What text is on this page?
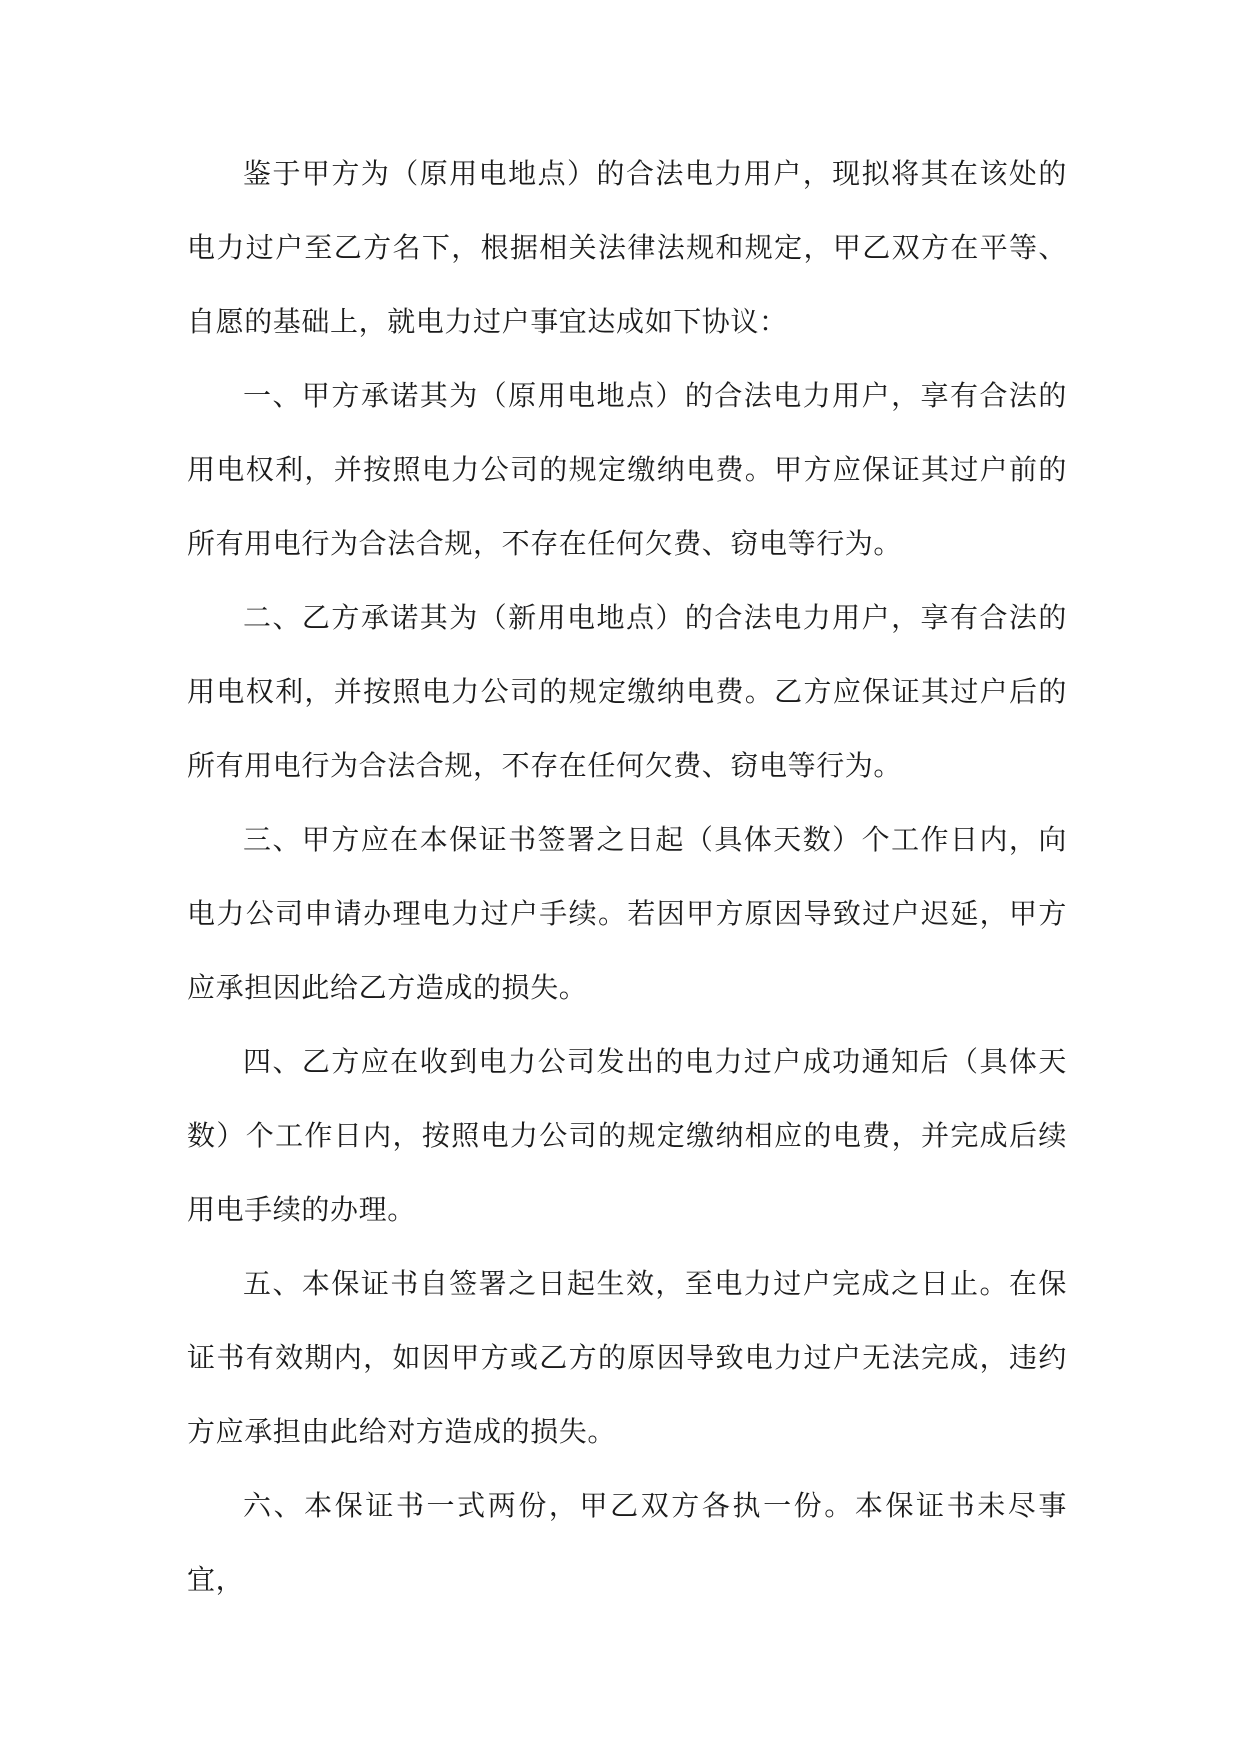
鉴于甲方为（原用电地点）的合法电力用户，现拟将其在该处的电力过户至乙方名下，根据相关法律法规和规定，甲乙双方在平等、自愿的基础上，就电力过户事宜达成如下协议：

一、甲方承诺其为（原用电地点）的合法电力用户，享有合法的用电权利，并按照电力公司的规定缴纳电费。甲方应保证其过户前的所有用电行为合法合规，不存在任何欠费、窃电等行为。

二、乙方承诺其为（新用电地点）的合法电力用户，享有合法的用电权利，并按照电力公司的规定缴纳电费。乙方应保证其过户后的所有用电行为合法合规，不存在任何欠费、窃电等行为。

三、甲方应在本保证书签署之日起（具体天数）个工作日内，向电力公司申请办理电力过户手续。若因甲方原因导致过户迟延，甲方应承担因此给乙方造成的损失。

四、乙方应在收到电力公司发出的电力过户成功通知后（具体天数）个工作日内，按照电力公司的规定缴纳相应的电费，并完成后续用电手续的办理。

五、本保证书自签署之日起生效，至电力过户完成之日止。在保证书有效期内，如因甲方或乙方的原因导致电力过户无法完成，违约方应承担由此给对方造成的损失。

六、本保证书一式两份，甲乙双方各执一份。本保证书未尽事宜，
